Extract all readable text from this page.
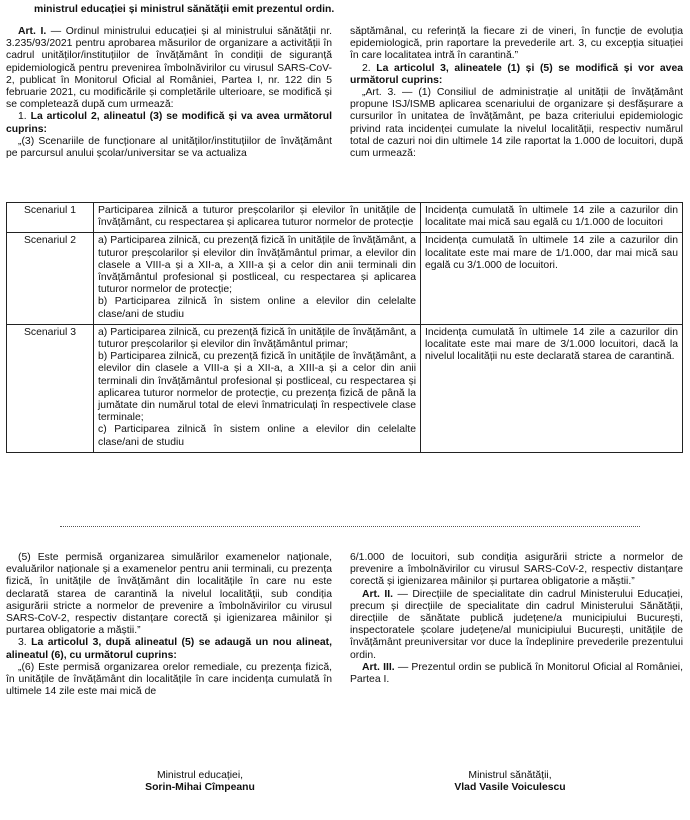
ministrul educației și ministrul sănătății emit prezentul ordin.

Art. I. — Ordinul ministrului educației și al ministrului sănătății nr. 3.235/93/2021 pentru aprobarea măsurilor de organizare a activității în cadrul unităților/instituțiilor de învățământ în condiții de siguranță epidemiologică pentru prevenirea îmbolnăvirilor cu virusul SARS-CoV-2, publicat în Monitorul Oficial al României, Partea I, nr. 122 din 5 februarie 2021, cu modificările și completările ulterioare, se modifică și se completează după cum urmează:

1. La articolul 2, alineatul (3) se modifică și va avea următorul cuprins:

„(3) Scenariile de funcționare al unităților/instituțiilor de învățământ pe parcursul anului școlar/universitar se va actualiza

săptămânal, cu referință la fiecare zi de vineri, în funcție de evoluția epidemiologică, prin raportare la prevederile art. 3, cu excepția situației în care localitatea intră în carantină.”

2. La articolul 3, alineatele (1) și (5) se modifică și vor avea următorul cuprins:

„Art. 3. — (1) Consiliul de administrație al unității de învățământ propune ISJ/ISMB aplicarea scenariului de organizare și desfășurare a cursurilor în unitatea de învățământ, pe baza criteriului epidemiologic privind rata incidenței cumulate la nivelul localității, respectiv numărul total de cazuri noi din ultimele 14 zile raportat la 1.000 de locuitori, după cum urmează:

Scenariul 1	Participarea zilnică a tuturor preșcolarilor și elevilor în unitățile de învățământ, cu respectarea și aplicarea tuturor normelor de protecție	Incidența cumulată în ultimele 14 zile a cazurilor din localitate mai mică sau egală cu 1/1.000 de locuitori
Scenariul 2	a) Participarea zilnică, cu prezență fizică în unitățile de învățământ, a tuturor preșcolarilor și elevilor din învățământul primar, a elevilor din clasele a VIII-a și a XII-a, a XIII-a și a celor din anii terminali din învățământul profesional și postliceal, cu respectarea și aplicarea tuturor normelor de protecție;
b) Participarea zilnică în sistem online a elevilor din celelalte clase/ani de studiu	Incidența cumulată în ultimele 14 zile a cazurilor din localitate este mai mare de 1/1.000, dar mai mică sau egală cu 3/1.000 de locuitori.
Scenariul 3	a) Participarea zilnică, cu prezență fizică în unitățile de învățământ, a tuturor preșcolarilor și elevilor din învățământul primar;
b) Participarea zilnică, cu prezență fizică în unitățile de învățământ, a elevilor din clasele a VIII-a și a XII-a, a XIII-a și a celor din anii terminali din învățământul profesional și postliceal, cu respectarea și aplicarea tuturor normelor de protecție, cu prezența fizică de până la jumătate din numărul total de elevi înmatriculați în respectivele clase terminale;
c) Participarea zilnică în sistem online a elevilor din celelalte clase/ani de studiu	Incidența cumulată în ultimele 14 zile a cazurilor din localitate este mai mare de 3/1.000 locuitori, dacă la nivelul localității nu este declarată starea de carantină.

(5) Este permisă organizarea simulărilor examenelor naționale, evaluărilor naționale și a examenelor pentru anii terminali, cu prezența fizică, în unitățile de învățământ din localitățile în care nu este declarată starea de carantină la nivelul localității, sub condiția asigurării stricte a normelor de prevenire a îmbolnăvirilor cu virusul SARS-CoV-2, respectiv distanțare corectă și igienizarea mâinilor și purtarea obligatorie a măștii.”

3. La articolul 3, după alineatul (5) se adaugă un nou alineat, alineatul (6), cu următorul cuprins:

„(6) Este permisă organizarea orelor remediale, cu prezența fizică, în unitățile de învățământ din localitățile în care incidența cumulată în ultimele 14 zile este mai mică de

6/1.000 de locuitori, sub condiția asigurării stricte a normelor de prevenire a îmbolnăvirilor cu virusul SARS-CoV-2, respectiv distanțare corectă și igienizarea mâinilor și purtarea obligatorie a măștii.”

Art. II. — Direcțiile de specialitate din cadrul Ministerului Educației, precum și direcțiile de specialitate din cadrul Ministerului Sănătății, direcțiile de sănătate publică județene/a municipiului București, inspectoratele școlare județene/al municipiului București, unitățile de învățământ preuniversitar vor duce la îndeplinire prevederile prezentului ordin.

Art. III. — Prezentul ordin se publică în Monitorul Oficial al României, Partea I.

Ministrul educației,
Sorin-Mihai Cîmpeanu
Ministrul sănătății,
Vlad Vasile Voiculescu
